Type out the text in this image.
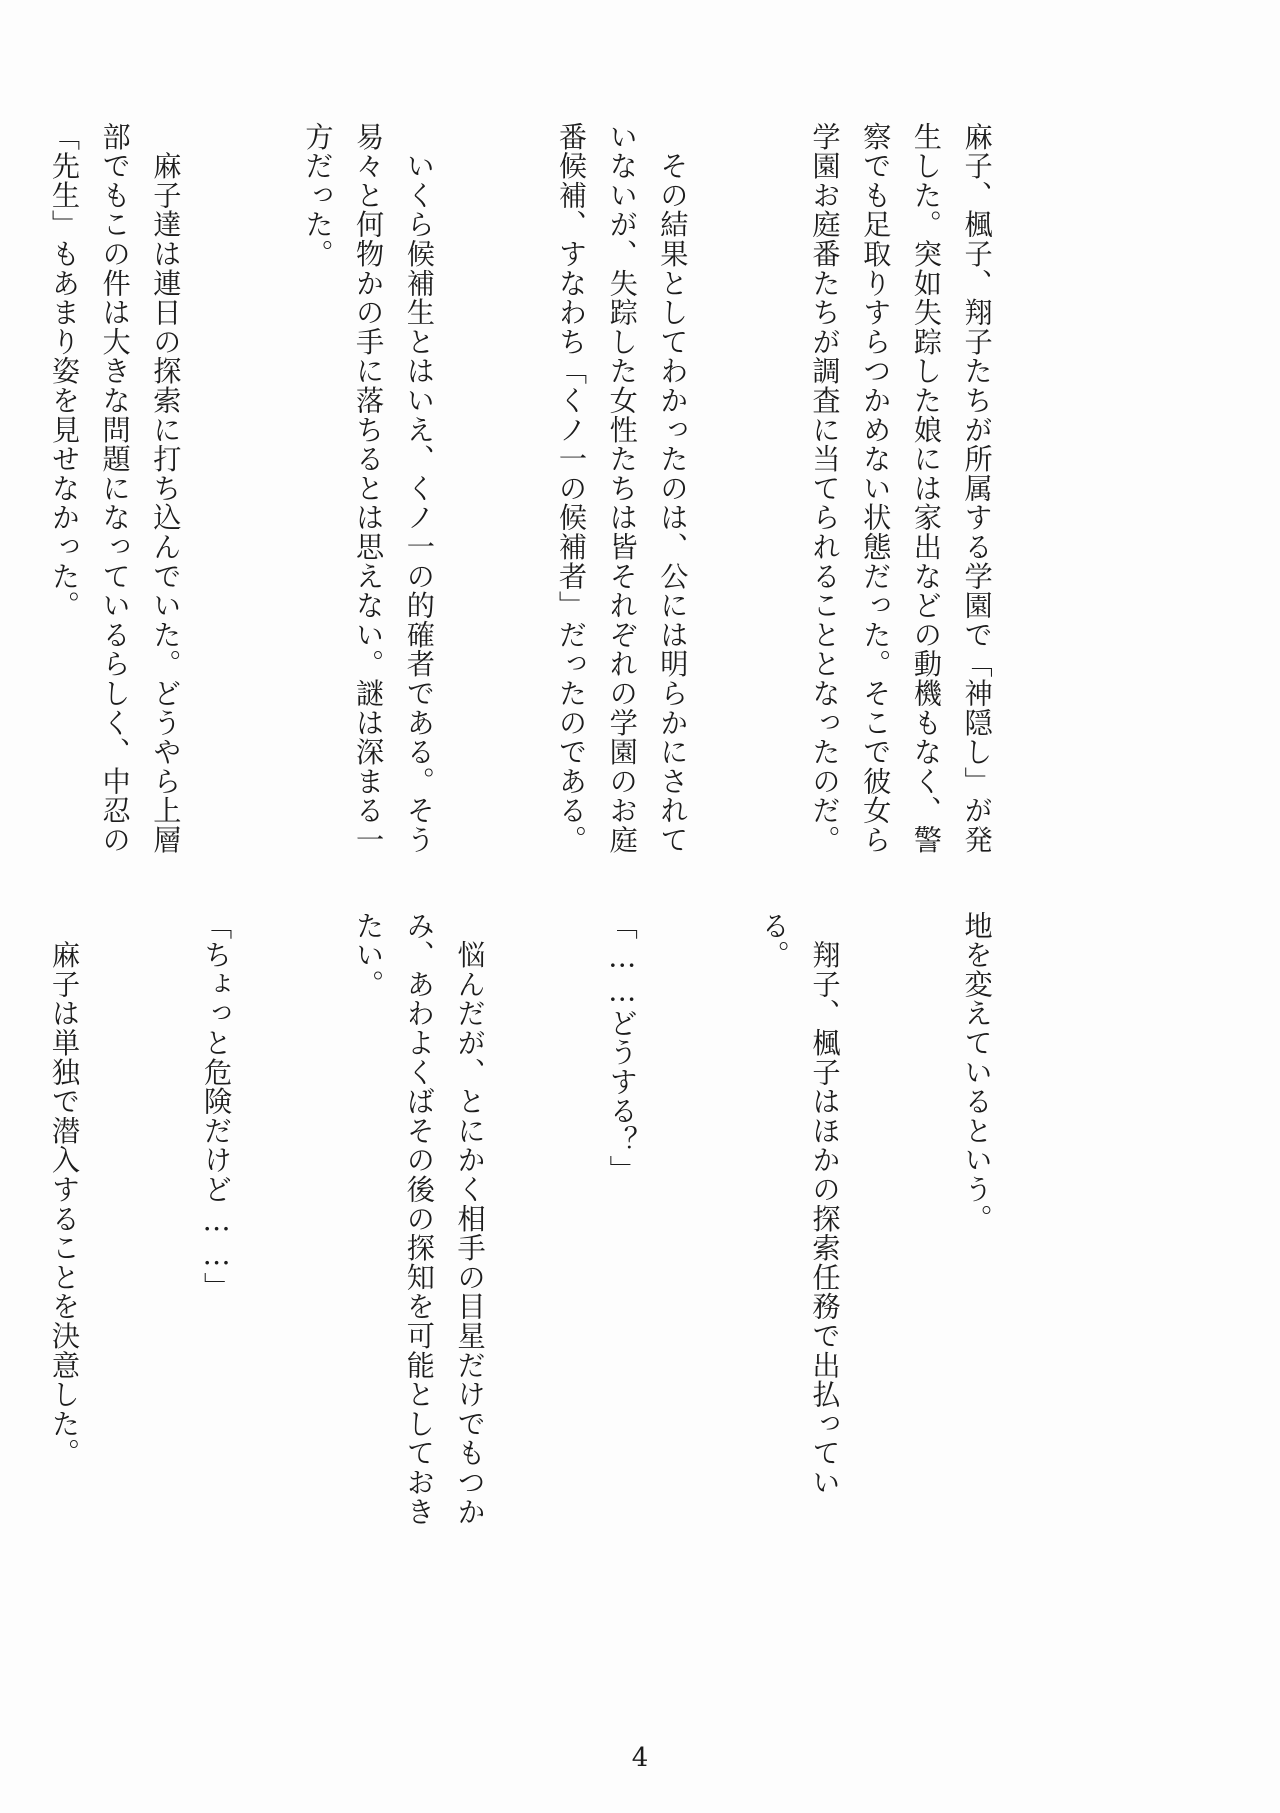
麻子、楓子、翔子たちが所属する学園で「神隠し」が発生した。突如失踪した娘には家出などの動機もなく、警察でも足取りすらつかめない状態だった。そこで彼女ら学園お庭番たちが調査に当てられることとなったのだ。

　その結果としてわかったのは、公には明らかにされていないが、失踪した女性たちは皆それぞれの学園のお庭番候補、すなわち「くノ一の候補者」だったのである。

　いくら候補生とはいえ、くノ一の的確者である。そう易々と何物かの手に落ちるとは思えない。謎は深まる一方だった。

　麻子達は連日の探索に打ち込んでいた。どうやら上層部でもこの件は大きな問題になっているらしく、中忍の「先生」もあまり姿を見せなかった。

地を変えているという。

　翔子、楓子はほかの探索任務で出払っている。

「……どうする？」

　悩んだが、とにかく相手の目星だけでもつかみ、あわよくばその後の探知を可能としておきたい。

「ちょっと危険だけど……」

　麻子は単独で潜入することを決意した。

4
